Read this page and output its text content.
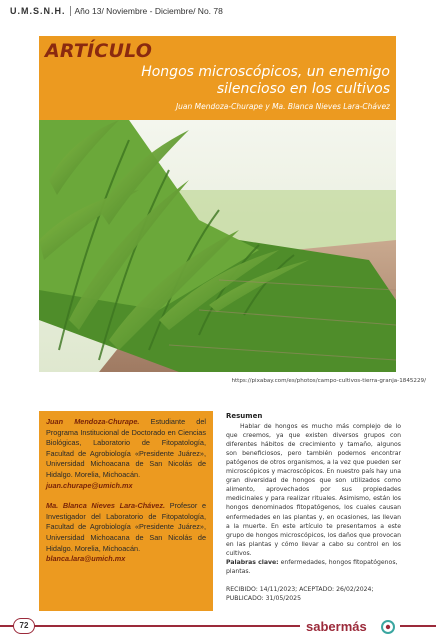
U.M.S.N.H. Año 13/ Noviembre - Diciembre/ No. 78
ARTÍCULO
Hongos microscópicos, un enemigo silencioso en los cultivos
Juan Mendoza-Churape y Ma. Blanca Nieves Lara-Chávez
https://pixabay.com/es/photos/campo-cultivos-tierra-granja-1845229/

Juan Mendoza-Churape. Estudiante del Programa Institucional de Doctorado en Ciencias Biológicas, Laboratorio de Fitopatología, Facultad de Agrobiología «Presidente Juárez», Universidad Michoacana de San Nicolás de Hidalgo. Morelia, Michoacán.
juan.churape@umich.mx

Ma. Blanca Nieves Lara-Chávez. Profesor e Investigador del Laboratorio de Fitopatología, Facultad de Agrobiología «Presidente Juárez», Universidad Michoacana de San Nicolás de Hidalgo. Morelia, Michoacán.
blanca.lara@umich.mx

Resumen

Hablar de hongos es mucho más complejo de lo que creemos, ya que existen diversos grupos con diferentes hábitos de crecimiento y tamaño, algunos son beneficiosos, pero también podemos encontrar patógenos de otros organismos, a la vez que pueden ser microscópicos y macroscópicos. En nuestro país hay una gran diversidad de hongos que son utilizados como alimento, aprovechados por sus propiedades medicinales y para realizar rituales. Asimismo, están los hongos denominados fitopatógenos, los cuales causan enfermedades en las plantas y, en ocasiones, las llevan a la muerte. En este artículo te presentamos a este grupo de hongos microscópicos, los daños que provocan en las plantas y cómo llevar a cabo su control en los cultivos.

Palabras clave: enfermedades, hongos fitopatógenos, plantas.

RECIBIDO: 14/11/2023; ACEPTADO: 26/02/2024; PUBLICADO: 31/05/2025

72	sabermás
